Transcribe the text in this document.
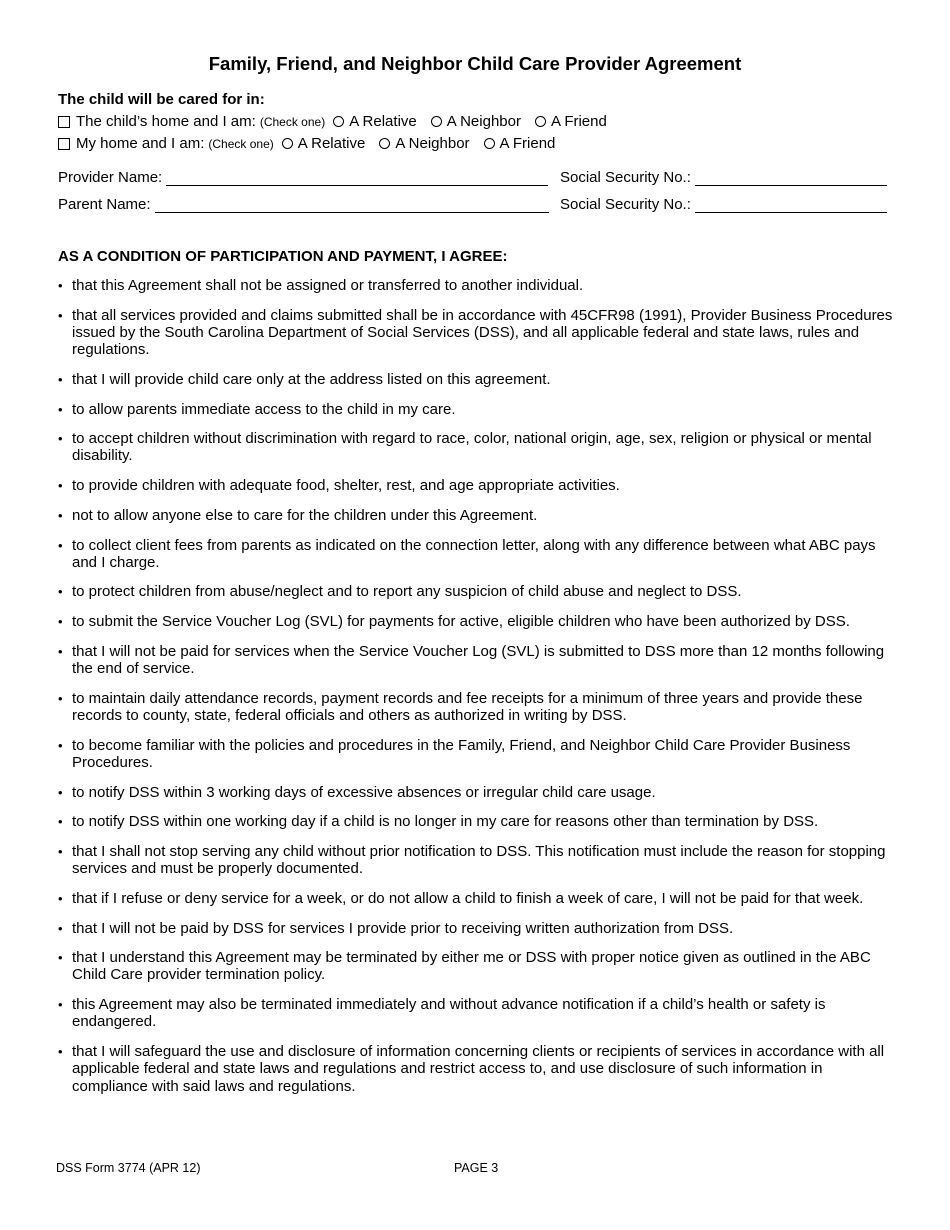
Family, Friend, and Neighbor Child Care Provider Agreement
The child will be cared for in:
The child’s home and I am: (Check one) A Relative A Neighbor A Friend
My home and I am: (Check one) A Relative A Neighbor A Friend
Provider Name:	Social Security No.:
Parent Name:	Social Security No.:
AS A CONDITION OF PARTICIPATION AND PAYMENT, I AGREE:
• that this Agreement shall not be assigned or transferred to another individual.
• that all services provided and claims submitted shall be in accordance with 45CFR98 (1991), Provider Business Procedures issued by the South Carolina Department of Social Services (DSS), and all applicable federal and state laws, rules and regulations.
• that I will provide child care only at the address listed on this agreement.
• to allow parents immediate access to the child in my care.
• to accept children without discrimination with regard to race, color, national origin, age, sex, religion or physical or mental disability.
• to provide children with adequate food, shelter, rest, and age appropriate activities.
• not to allow anyone else to care for the children under this Agreement.
• to collect client fees from parents as indicated on the connection letter, along with any difference between what ABC pays and I charge.
• to protect children from abuse/neglect and to report any suspicion of child abuse and neglect to DSS.
• to submit the Service Voucher Log (SVL) for payments for active, eligible children who have been authorized by DSS.
• that I will not be paid for services when the Service Voucher Log (SVL) is submitted to DSS more than 12 months following the end of service.
• to maintain daily attendance records, payment records and fee receipts for a minimum of three years and provide these records to county, state, federal officials and others as authorized in writing by DSS.
• to become familiar with the policies and procedures in the Family, Friend, and Neighbor Child Care Provider Business Procedures.
• to notify DSS within 3 working days of excessive absences or irregular child care usage.
• to notify DSS within one working day if a child is no longer in my care for reasons other than termination by DSS.
• that I shall not stop serving any child without prior notification to DSS. This notification must include the reason for stopping services and must be properly documented.
• that if I refuse or deny service for a week, or do not allow a child to finish a week of care, I will not be paid for that week.
• that I will not be paid by DSS for services I provide prior to receiving written authorization from DSS.
• that I understand this Agreement may be terminated by either me or DSS with proper notice given as outlined in the ABC Child Care provider termination policy.
• this Agreement may also be terminated immediately and without advance notification if a child’s health or safety is endangered.
• that I will safeguard the use and disclosure of information concerning clients or recipients of services in accordance with all applicable federal and state laws and regulations and restrict access to, and use disclosure of such information in compliance with said laws and regulations.
DSS Form 3774 (APR 12)	PAGE 3
